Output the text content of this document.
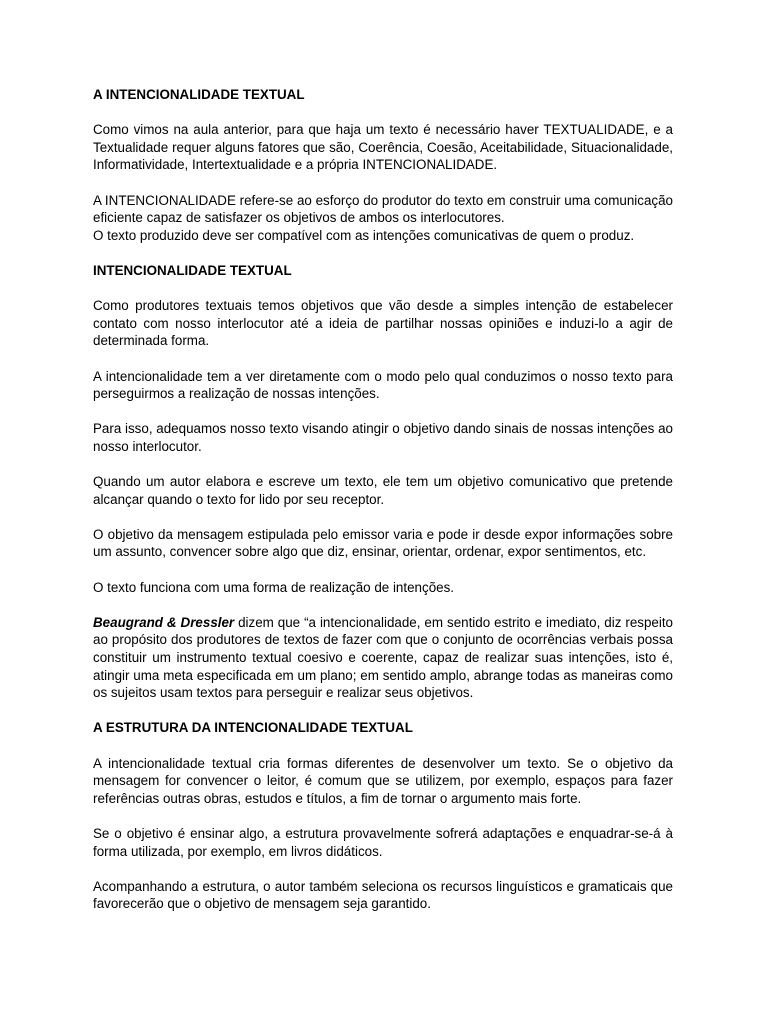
A INTENCIONALIDADE TEXTUAL
Como vimos na aula anterior, para que haja um texto é necessário haver TEXTUALIDADE, e a Textualidade requer alguns fatores que são, Coerência, Coesão, Aceitabilidade, Situacionalidade, Informatividade, Intertextualidade e a própria INTENCIONALIDADE.
A INTENCIONALIDADE refere-se ao esforço do produtor do texto em construir uma comunicação eficiente capaz de satisfazer os objetivos de ambos os interlocutores.
O texto produzido deve ser compatível com as intenções comunicativas de quem o produz.
INTENCIONALIDADE TEXTUAL
Como produtores textuais temos objetivos que vão desde a simples intenção de estabelecer contato com nosso interlocutor até a ideia de partilhar nossas opiniões e induzi-lo a agir de determinada forma.
A intencionalidade tem a ver diretamente com o modo pelo qual conduzimos o nosso texto para perseguirmos a realização de nossas intenções.
Para isso, adequamos nosso texto visando atingir o objetivo dando sinais de nossas intenções ao nosso interlocutor.
Quando um autor elabora e escreve um texto, ele tem um objetivo comunicativo que pretende alcançar quando o texto for lido por seu receptor.
O objetivo da mensagem estipulada pelo emissor varia e pode ir desde expor informações sobre um assunto, convencer sobre algo que diz, ensinar, orientar, ordenar, expor sentimentos, etc.
O texto funciona com uma forma de realização de intenções.
Beaugrand & Dressler dizem que “a intencionalidade, em sentido estrito e imediato, diz respeito ao propósito dos produtores de textos de fazer com que o conjunto de ocorrências verbais possa constituir um instrumento textual coesivo e coerente, capaz de realizar suas intenções, isto é, atingir uma meta especificada em um plano; em sentido amplo, abrange todas as maneiras como os sujeitos usam textos para perseguir e realizar seus objetivos.
A ESTRUTURA DA INTENCIONALIDADE TEXTUAL
A intencionalidade textual cria formas diferentes de desenvolver um texto. Se o objetivo da mensagem for convencer o leitor, é comum que se utilizem, por exemplo, espaços para fazer referências outras obras, estudos e títulos, a fim de tornar o argumento mais forte.
Se o objetivo é ensinar algo, a estrutura provavelmente sofrerá adaptações e enquadrar-se-á à forma utilizada, por exemplo, em livros didáticos.
Acompanhando a estrutura, o autor também seleciona os recursos linguísticos e gramaticais que favorecerão que o objetivo de mensagem seja garantido.
